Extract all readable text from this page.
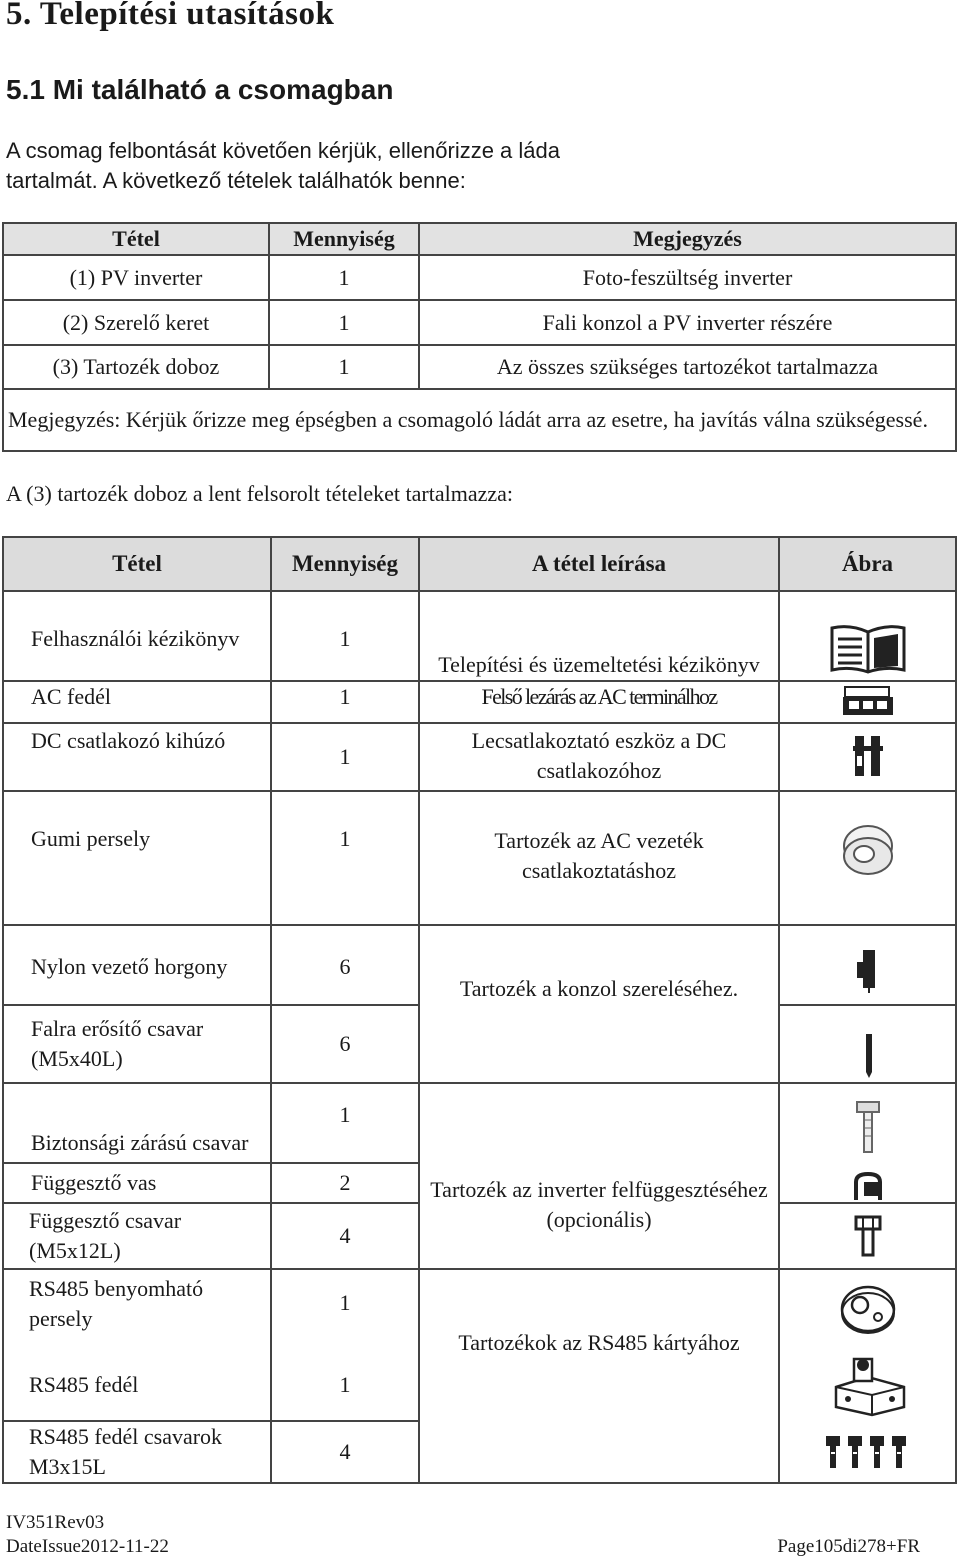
5. Telepítési utasítások
5.1 Mi található a csomagban
A csomag felbontását követően kérjük, ellenőrizze a láda
tartalmát. A következő tételek találhatók benne:
Tétel	Mennyiség	Megjegyzés
(1) PV inverter	1	Foto-feszültség inverter
(2) Szerelő keret	1	Fali konzol a PV inverter részére
(3) Tartozék doboz	1	Az összes szükséges tartozékot tartalmazza
Megjegyzés: Kérjük őrizze meg épségben a csomagoló ládát arra az esetre, ha javítás válna szükségessé.		
A (3) tartozék doboz a lent felsorolt tételeket tartalmazza:
Tétel	Mennyiség	A tétel leírása	Ábra
Felhasználói kézikönyv	1	Telepítési és üzemeltetési kézikönyv	

AC fedél	1	Felső lezárás az AC terminálhoz	

DC csatlakozó kihúzó	1	Lecsatlakoztató eszköz a DC csatlakozóhoz	

Gumi persely	1	Tartozék az AC vezeték csatlakoztatáshoz	

Nylon vezető horgony	6	Tartozék a konzol szereléséhez.	

Falra erősítő csavar (M5x40L)	6	

Biztonsági zárású csavar	1		

Függesztő vas	2	Tartozék az inverter felfüggesztéséhez (opcionális)	

Függesztő csavar (M5x12L)	4	

RS485 benyomható persely	1	Tartozékok az RS485 kártyához	

RS485 fedél	1	

RS485 fedél csavarok M3x15L	4	
IV351Rev03
DateIssue2012-11-22	Page105di278+FR
